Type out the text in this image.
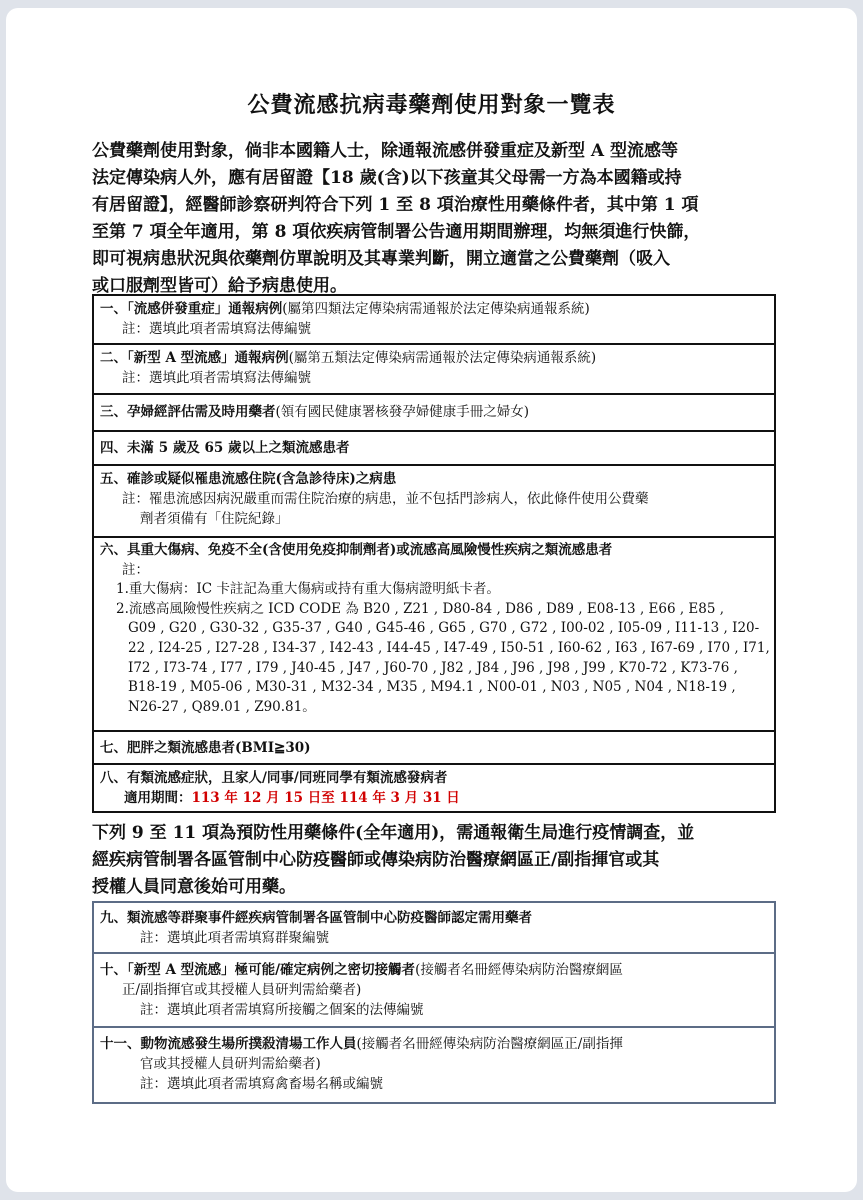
公費流感抗病毒藥劑使用對象一覽表
公費藥劑使用對象，倘非本國籍人士，除通報流感併發重症及新型 A 型流感等
法定傳染病人外，應有居留證【18 歲(含)以下孩童其父母需一方為本國籍或持
有居留證】，經醫師診察研判符合下列 1 至 8 項治療性用藥條件者，其中第 1 項
至第 7 項全年適用，第 8 項依疾病管制署公告適用期間辦理，均無須進行快篩，
即可視病患狀況與依藥劑仿單說明及其專業判斷，開立適當之公費藥劑（吸入
或口服劑型皆可）給予病患使用。
一、「流感併發重症」通報病例(屬第四類法定傳染病需通報於法定傳染病通報系統)
註：選填此項者需填寫法傳編號
二、「新型 A 型流感」通報病例(屬第五類法定傳染病需通報於法定傳染病通報系統)
註：選填此項者需填寫法傳編號
三、孕婦經評估需及時用藥者(領有國民健康署核發孕婦健康手冊之婦女)
四、未滿 5 歲及 65 歲以上之類流感患者
五、確診或疑似罹患流感住院(含急診待床)之病患
註：罹患流感因病況嚴重而需住院治療的病患，並不包括門診病人，依此條件使用公費藥
劑者須備有「住院紀錄」
六、具重大傷病、免疫不全(含使用免疫抑制劑者)或流感高風險慢性疾病之類流感患者
註：
1.重大傷病：IC 卡註記為重大傷病或持有重大傷病證明紙卡者。
2.流感高風險慢性疾病之 ICD CODE 為 B20 , Z21 , D80-84 , D86 , D89 , E08-13 , E66 , E85 ,
G09 , G20 , G30-32 , G35-37 , G40 , G45-46 , G65 , G70 , G72 , I00-02 , I05-09 , I11-13 , I20-
22 , I24-25 , I27-28 , I34-37 , I42-43 , I44-45 , I47-49 , I50-51 , I60-62 , I63 , I67-69 , I70 , I71,
I72 , I73-74 , I77 , I79 , J40-45 , J47 , J60-70 , J82 , J84 , J96 , J98 , J99 , K70-72 , K73-76 ,
B18-19 , M05-06 , M30-31 , M32-34 , M35 , M94.1 , N00-01 , N03 , N05 , N04 , N18-19 ,
N26-27 , Q89.01 , Z90.81。
七、肥胖之類流感患者(BMI≧30)
八、有類流感症狀，且家人/同事/同班同學有類流感發病者
適用期間：113 年 12 月 15 日至 114 年 3 月 31 日
下列 9 至 11 項為預防性用藥條件(全年適用)，需通報衛生局進行疫情調查，並
經疾病管制署各區管制中心防疫醫師或傳染病防治醫療網區正/副指揮官或其
授權人員同意後始可用藥。
九、類流感等群聚事件經疾病管制署各區管制中心防疫醫師認定需用藥者
註：選填此項者需填寫群聚編號
十、「新型 A 型流感」極可能/確定病例之密切接觸者(接觸者名冊經傳染病防治醫療網區
正/副指揮官或其授權人員研判需給藥者)
註：選填此項者需填寫所接觸之個案的法傳編號
十一、動物流感發生場所撲殺清場工作人員(接觸者名冊經傳染病防治醫療網區正/副指揮
官或其授權人員研判需給藥者)
註：選填此項者需填寫禽畜場名稱或編號
